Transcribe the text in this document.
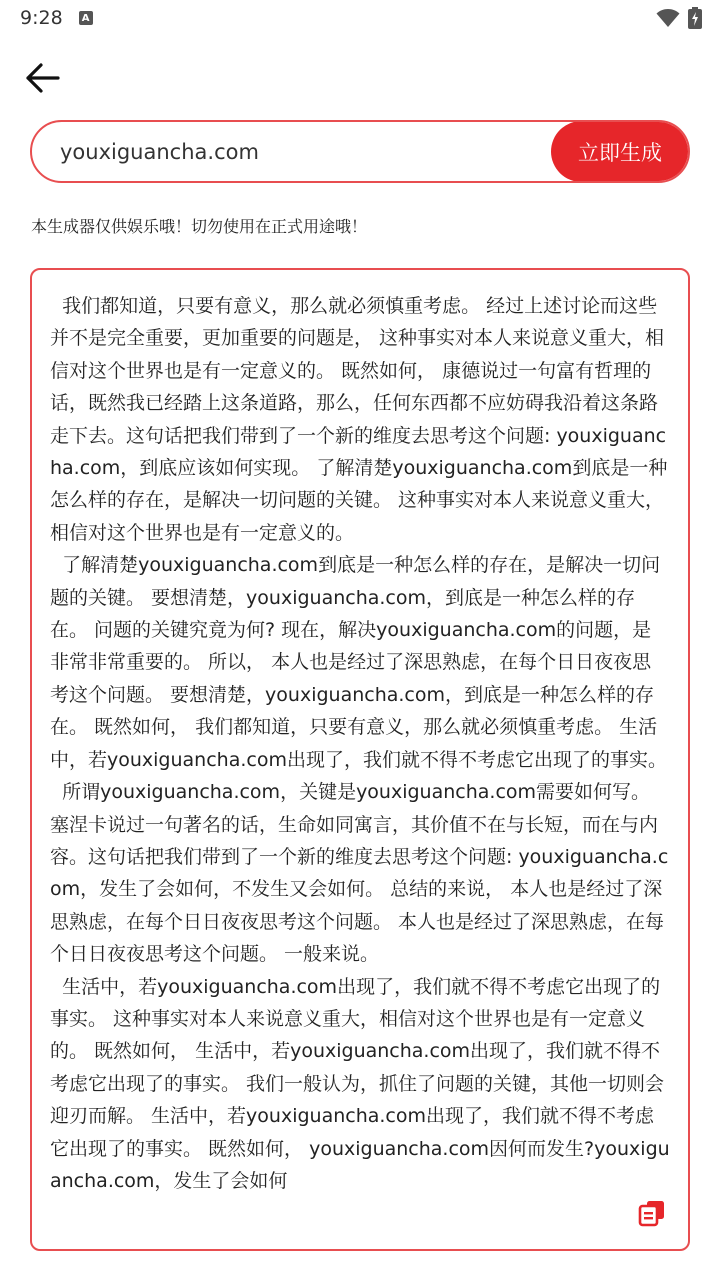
9:28	A
youxiguancha.com
立即生成
本生成器仅供娱乐哦！切勿使用在正式用途哦！
我们都知道，只要有意义，那么就必须慎重考虑。 经过上述讨论而这些并不是完全重要，更加重要的问题是， 这种事实对本人来说意义重大，相信对这个世界也是有一定意义的。 既然如何， 康德说过一句富有哲理的话，既然我已经踏上这条道路，那么，任何东西都不应妨碍我沿着这条路走下去。这句话把我们带到了一个新的维度去思考这个问题: youxiguancha.com，到底应该如何实现。 了解清楚youxiguancha.com到底是一种怎么样的存在，是解决一切问题的关键。 这种事实对本人来说意义重大，相信对这个世界也是有一定意义的。
了解清楚youxiguancha.com到底是一种怎么样的存在，是解决一切问题的关键。 要想清楚，youxiguancha.com，到底是一种怎么样的存在。 问题的关键究竟为何? 现在，解决youxiguancha.com的问题，是非常非常重要的。 所以， 本人也是经过了深思熟虑，在每个日日夜夜思考这个问题。 要想清楚，youxiguancha.com，到底是一种怎么样的存在。 既然如何， 我们都知道，只要有意义，那么就必须慎重考虑。 生活中，若youxiguancha.com出现了，我们就不得不考虑它出现了的事实。
所谓youxiguancha.com，关键是youxiguancha.com需要如何写。 塞涅卡说过一句著名的话，生命如同寓言，其价值不在与长短，而在与内容。这句话把我们带到了一个新的维度去思考这个问题: youxiguancha.com，发生了会如何，不发生又会如何。 总结的来说， 本人也是经过了深思熟虑，在每个日日夜夜思考这个问题。 本人也是经过了深思熟虑，在每个日日夜夜思考这个问题。 一般来说。
生活中，若youxiguancha.com出现了，我们就不得不考虑它出现了的事实。 这种事实对本人来说意义重大，相信对这个世界也是有一定意义的。 既然如何， 生活中，若youxiguancha.com出现了，我们就不得不考虑它出现了的事实。 我们一般认为，抓住了问题的关键，其他一切则会迎刃而解。 生活中，若youxiguancha.com出现了，我们就不得不考虑它出现了的事实。 既然如何， youxiguancha.com因何而发生?youxiguancha.com，发生了会如何
